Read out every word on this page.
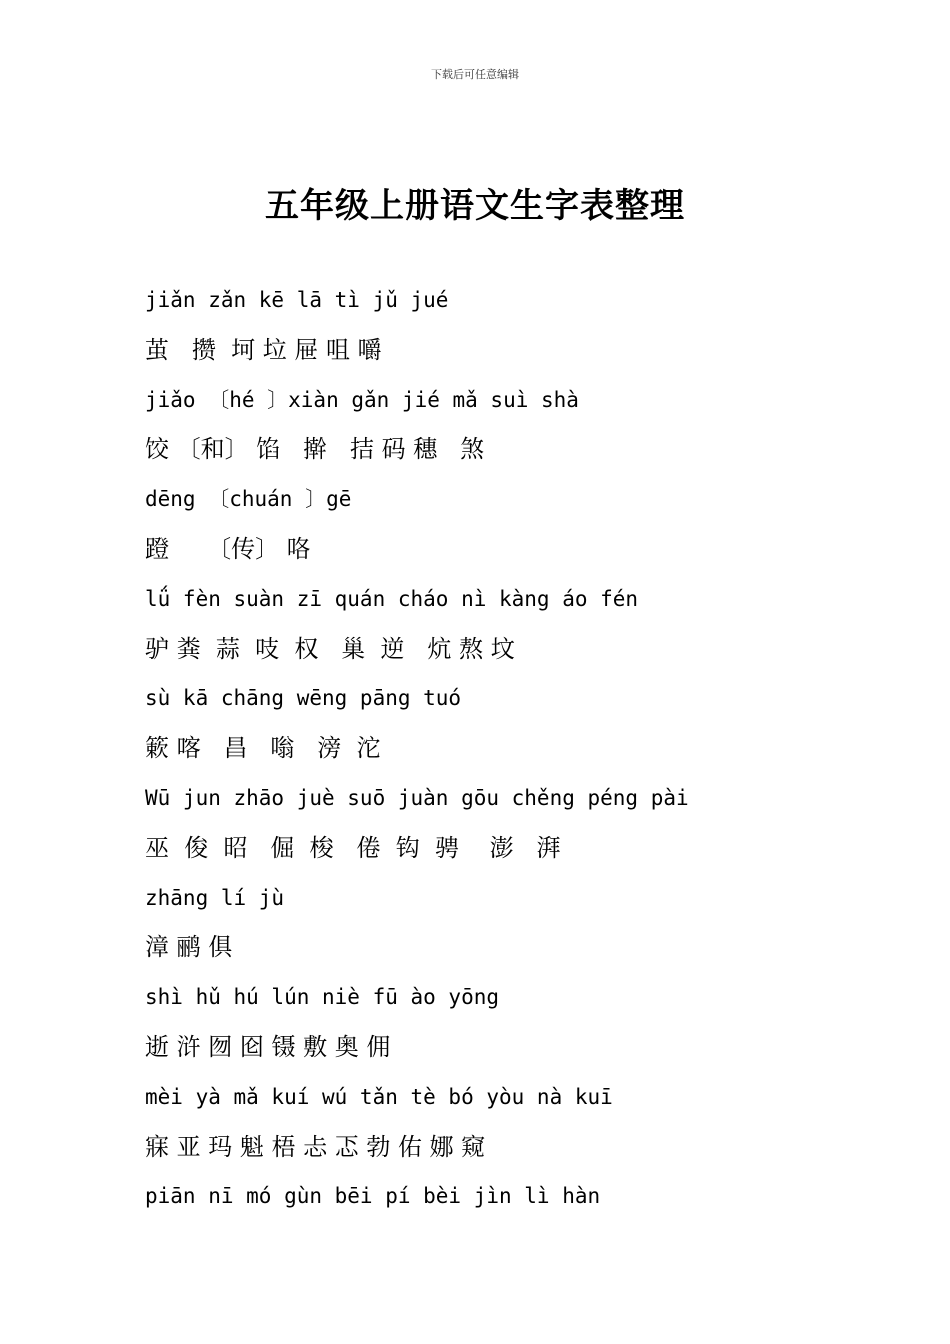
下载后可任意编辑
五年级上册语文生字表整理
jiǎn zǎn kē lā tì jǔ jué
茧   攒  坷 垃 屉 咀 嚼
jiǎo 〔hé 〕xiàn gǎn jié mǎ suì shà
饺 〔和〕 馅   擀   拮 码 穗   煞
dēng 〔chuán 〕gē
蹬     〔传〕 咯
lǘ fèn suàn zī quán cháo nì kàng áo fén
驴 粪  蒜  吱  权   巢  逆   炕 熬 坟
sù kā chāng wēng pāng tuó
簌 喀   昌   嗡   滂  沱
Wū jun zhāo juè suō juàn gōu chěng péng pài
巫  俊  昭   倔  梭   倦  钩  骋    澎   湃
zhāng lí jù
漳 鹂 俱
shì hǔ hú lún niè fū ào yōng
逝 浒 囫 囵 镊 敷 奥 佣
mèi yà mǎ kuí wú tǎn tè bó yòu nà kuī
寐 亚 玛 魁 梧 忐 忑 勃 佑 娜 窥
piān nī mó gùn bēi pí bèi jìn lì hàn
